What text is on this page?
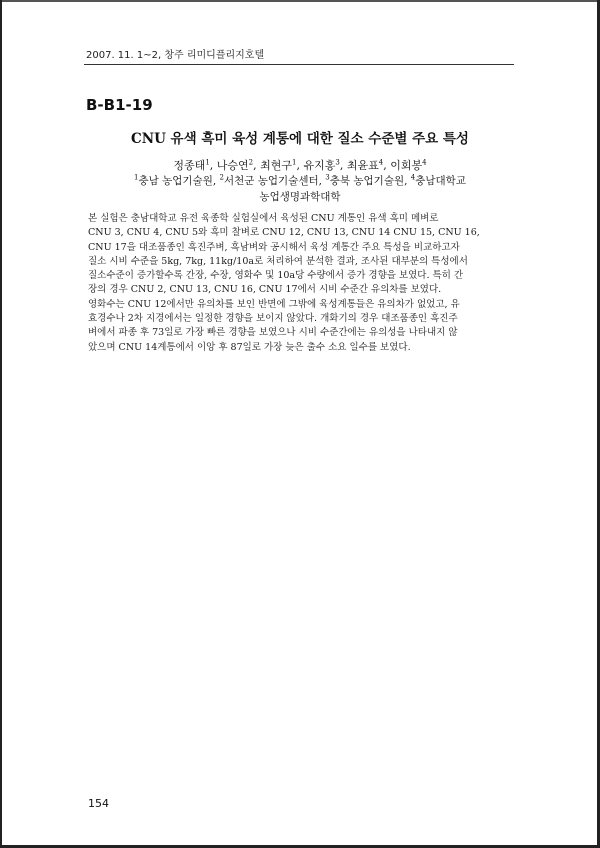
2007. 11. 1~2, 창주 리미디플리지호텔
B-B1-19
CNU 유색 흑미 육성 계통에 대한 질소 수준별 주요 특성
정종태$^1$, 나승연$^2$, 최현구$^1$, 유지홍$^3$, 최윤표$^4$, 이회봉$^4$
$^1$충남 농업기술원, $^2$서천군 농업기술센터, $^3$충북 농업기술원, $^4$충남대학교
농업생명과학대학

본 실험은 충남대학교 유전 육종학 실험실에서 육성된 CNU 계통인 유색 흑미 메벼로
CNU 3, CNU 4, CNU 5와 흑미 찰벼로 CNU 12, CNU 13, CNU 14 CNU 15, CNU 16,
CNU 17을 대조품종인 흑진주벼, 흑남벼와 공시해서 육성 계통간 주요 특성을 비교하고자
질소 시비 수준을 5kg, 7kg, 11kg/10a로 처리하여 분석한 결과, 조사된 대부분의 특성에서
질소수준이 증가할수록 간장, 수장, 영화수 및 10a당 수량에서 증가 경향을 보였다. 특히 간
장의 경우 CNU 2, CNU 13, CNU 16, CNU 17에서 시비 수준간 유의차를 보였다.

영화수는 CNU 12에서만 유의차를 보인 반면에 그밖에 육성계통들은 유의차가 없었고, 유
효경수나 2차 지경에서는 일정한 경향을 보이지 않았다. 개화기의 경우 대조품종인 흑진주
벼에서 파종 후 73일로 가장 빠른 경향을 보였으나 시비 수준간에는 유의성을 나타내지 않
았으며 CNU 14계통에서 이앙 후 87일로 가장 늦은 출수 소요 일수를 보였다.

154
